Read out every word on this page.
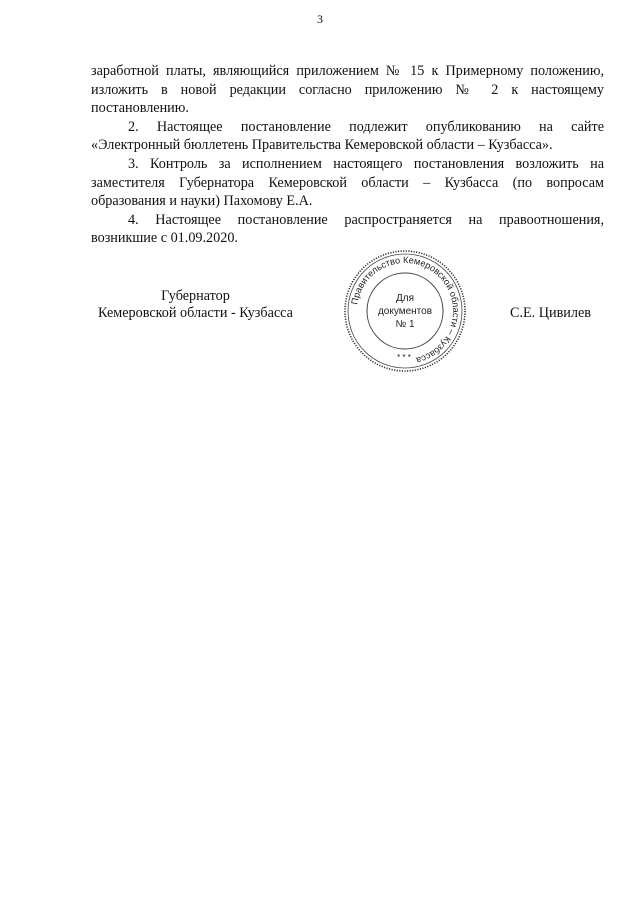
3

заработной платы, являющийся приложением № 15 к Примерному положению, изложить в новой редакции согласно приложению № 2 к настоящему постановлению.

2. Настоящее постановление подлежит опубликованию на сайте «Электронный бюллетень Правительства Кемеровской области – Кузбасса».

3. Контроль за исполнением настоящего постановления возложить на заместителя Губернатора Кемеровской области – Кузбасса (по вопросам образования и науки) Пахомову Е.А.

4. Настоящее постановление распространяется на правоотношения, возникшие с 01.09.2020.

Губернатор
Кемеровской области - Кузбасса	С.Е. Цивилев
Правительство Кемеровской области – Кузбасса
Для
документов
№ 1
* * *
